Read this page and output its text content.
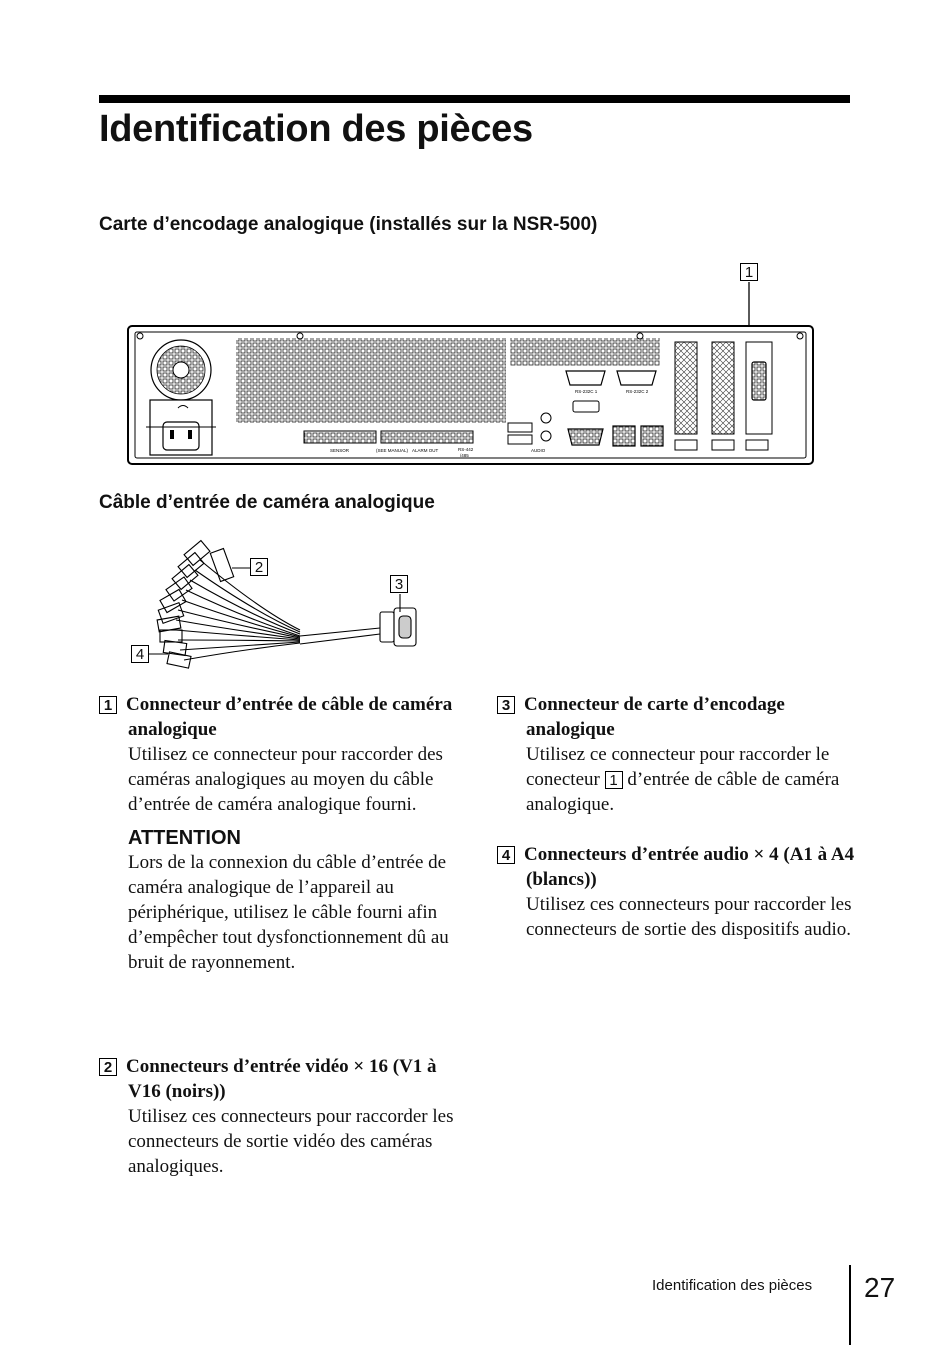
Identification des pièces
Carte d’encodage analogique (installés sur la NSR-500)
1
SENSOR	(SEE MANUAL) ALARM OUT	RS-442
/485
AUDIO
RS-232C 1	RS-232C 2
Câble d’entrée de caméra analogique
2
3
4

1 Connecteur d’entrée de câble de caméra analogique

Utilisez ce connecteur pour raccorder des caméras analogiques au moyen du câble d’entrée de caméra analogique fourni.

ATTENTION

Lors de la connexion du câble d’entrée de caméra analogique de l’appareil au périphérique, utilisez le câble fourni afin d’empêcher tout dysfonctionnement dû au bruit de rayonnement.

2 Connecteurs d’entrée vidéo × 16 (V1 à V16 (noirs))

Utilisez ces connecteurs pour raccorder les connecteurs de sortie vidéo des caméras analogiques.

3 Connecteur de carte d’encodage analogique

Utilisez ce connecteur pour raccorder le conecteur 1 d’entrée de câble de caméra analogique.

4 Connecteurs d’entrée audio × 4 (A1 à A4 (blancs))

Utilisez ces connecteurs pour raccorder les connecteurs de sortie des dispositifs audio.

Identification des pièces 27
